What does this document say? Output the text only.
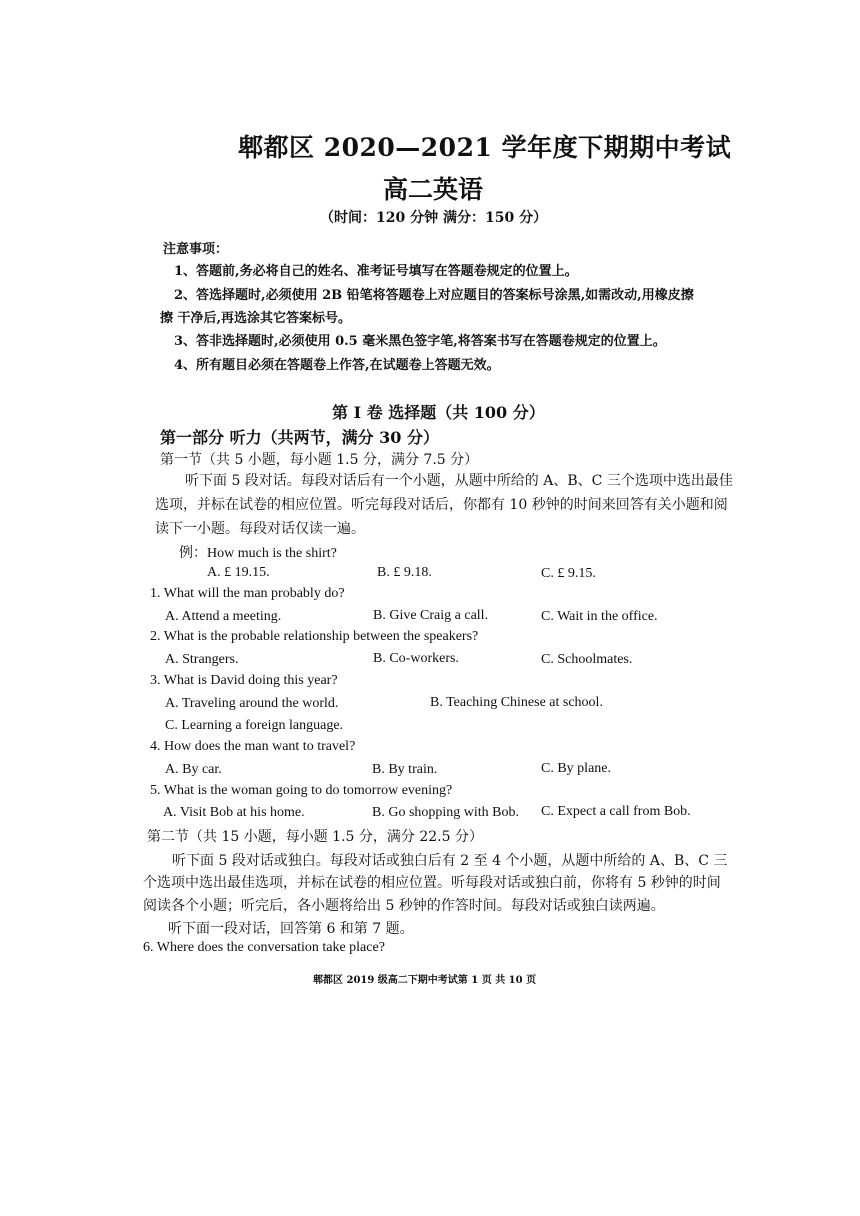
郫都区 2020—2021 学年度下期期中考试
高二英语
（时间：120 分钟 满分：150 分）
注意事项：
1、答题前,务必将自己的姓名、准考证号填写在答题卷规定的位置上。
2、答选择题时,必须使用 2B 铅笔将答题卷上对应题目的答案标号涂黑,如需改动,用橡皮擦
擦 干净后,再选涂其它答案标号。
3、答非选择题时,必须使用 0.5 毫米黑色签字笔,将答案书写在答题卷规定的位置上。
4、所有题目必须在答题卷上作答,在试题卷上答题无效。
第 I 卷 选择题（共 100 分）
第一部分 听力（共两节，满分 30 分）
第一节（共 5 小题，每小题 1.5 分，满分 7.5 分）
听下面 5 段对话。每段对话后有一个小题，从题中所给的 A、B、C 三个选项中选出最佳
选项，并标在试卷的相应位置。听完每段对话后，你都有 10 秒钟的时间来回答有关小题和阅
读下一小题。每段对话仅读一遍。
例：How much is the shirt?
A. £ 19.15.	B. £ 9.18.	C. £ 9.15.
1. What will the man probably do?
A. Attend a meeting.	B. Give Craig a call.	C. Wait in the office.
2. What is the probable relationship between the speakers?
A. Strangers.	B. Co-workers.	C. Schoolmates.
3. What is David doing this year?
A. Traveling around the world.	B. Teaching Chinese at school.
C. Learning a foreign language.
4. How does the man want to travel?
A. By car.	B. By train.	C. By plane.
5. What is the woman going to do tomorrow evening?
A. Visit Bob at his home.	B. Go shopping with Bob. C. Expect a call from Bob.
第二节（共 15 小题，每小题 1.5 分，满分 22.5 分）
听下面 5 段对话或独白。每段对话或独白后有 2 至 4 个小题，从题中所给的 A、B、C 三
个选项中选出最佳选项，并标在试卷的相应位置。听每段对话或独白前，你将有 5 秒钟的时间
阅读各个小题；听完后，各小题将给出 5 秒钟的作答时间。每段对话或独白读两遍。
听下面一段对话，回答第 6 和第 7 题。
6. Where does the conversation take place?
郫都区 2019 级高二下期中考试第 1 页 共 10 页
